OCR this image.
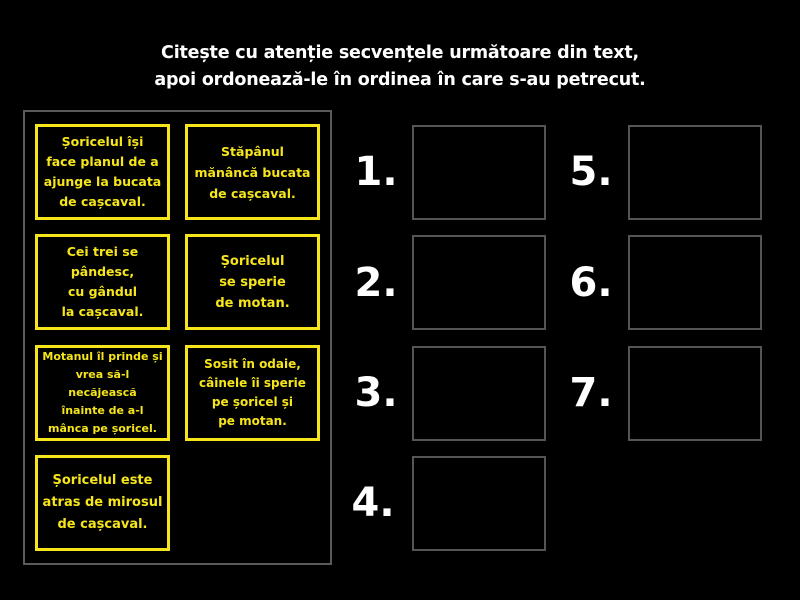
Citește cu atenție secvențele următoare din text,
apoi ordonează-le în ordinea în care s-au petrecut.
Șoricelul își
face planul de a
ajunge la bucata
de cașcaval.
Stăpânul
mănâncă bucata
de cașcaval.
Cei trei se
pândesc,
cu gândul
la cașcaval.
Șoricelul
se sperie
de motan.
Motanul îl prinde și
vrea să-l necăjească
înainte de a-l
mânca pe șoricel.
Sosit în odaie,
câinele îi sperie
pe șoricel și
pe motan.
Șoricelul este
atras de mirosul
de cașcaval.
1.
2.
3.
4.
5.
6.
7.
